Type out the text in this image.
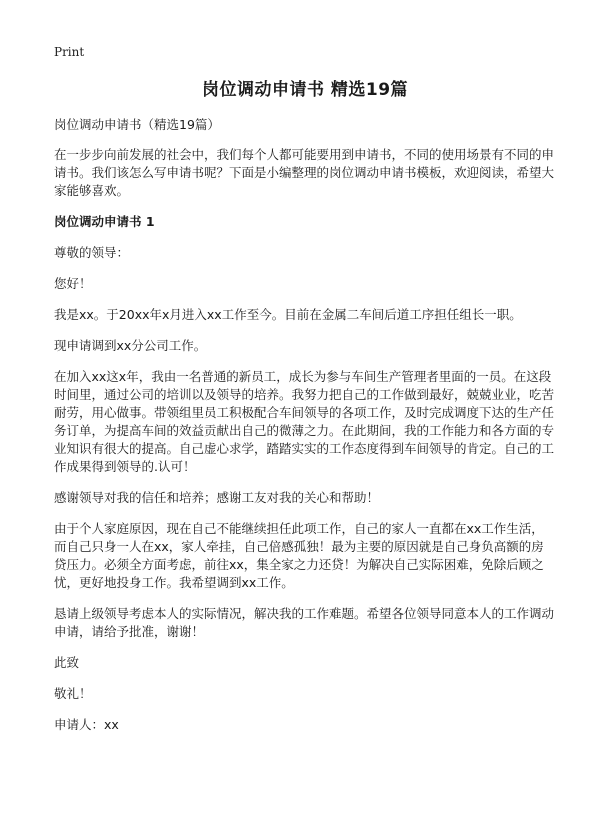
Print
岗位调动申请书 精选19篇

岗位调动申请书（精选19篇）

在一步步向前发展的社会中，我们每个人都可能要用到申请书，不同的使用场景有不同的申请书。我们该怎么写申请书呢？下面是小编整理的岗位调动申请书模板，欢迎阅读，希望大家能够喜欢。

岗位调动申请书 1

尊敬的领导：

您好！

我是xx。于20xx年x月进入xx工作至今。目前在金属二车间后道工序担任组长一职。

现申请调到xx分公司工作。

在加入xx这x年，我由一名普通的新员工，成长为参与车间生产管理者里面的一员。在这段时间里，通过公司的培训以及领导的培养。我努力把自己的工作做到最好，兢兢业业，吃苦耐劳，用心做事。带领组里员工积极配合车间领导的各项工作，及时完成调度下达的生产任务订单，为提高车间的效益贡献出自己的微薄之力。在此期间，我的工作能力和各方面的专业知识有很大的提高。自己虚心求学，踏踏实实的工作态度得到车间领导的肯定。自己的工作成果得到领导的.认可！

感谢领导对我的信任和培养；感谢工友对我的关心和帮助！

由于个人家庭原因，现在自己不能继续担任此项工作，自己的家人一直都在xx工作生活，而自己只身一人在xx，家人牵挂，自己倍感孤独！最为主要的原因就是自己身负高额的房贷压力。必须全方面考虑，前往xx，集全家之力还贷！为解决自己实际困难，免除后顾之忧，更好地投身工作。我希望调到xx工作。

恳请上级领导考虑本人的实际情况，解决我的工作难题。希望各位领导同意本人的工作调动申请，请给予批准，谢谢！

此致

敬礼！

申请人：xx
